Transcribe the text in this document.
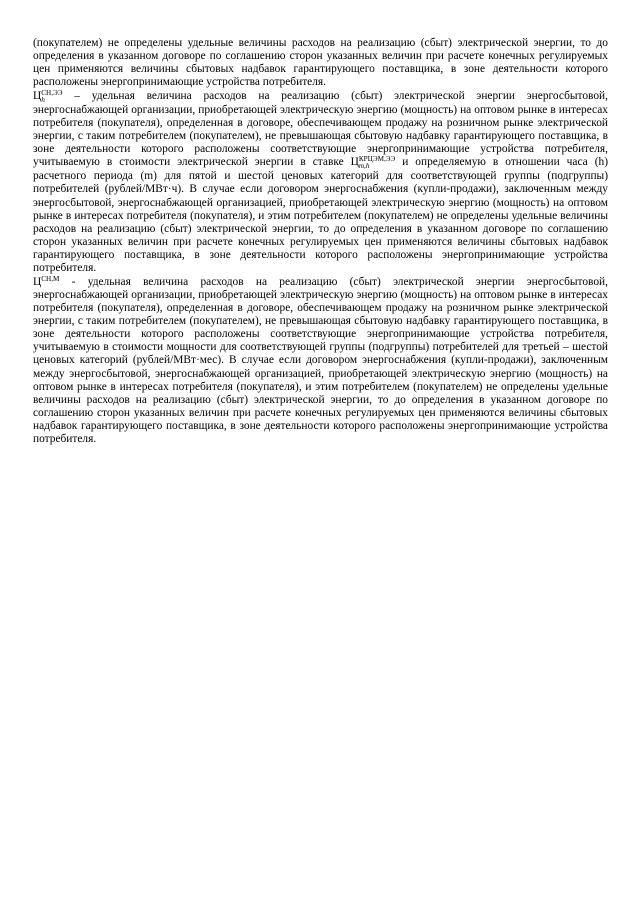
(покупателем) не определены удельные величины расходов на реализацию (сбыт) электрической энергии, то до определения в указанном договоре по соглашению сторон указанных величин при расчете конечных регулируемых цен применяются величины сбытовых надбавок гарантирующего поставщика, в зоне деятельности которого расположены энергопринимающие устройства потребителя.

Ц СН,ЭЭ
h	– удельная величина расходов на реализацию (сбыт) электрической энергии энергосбытовой, энергоснабжающей организации, приобретающей электрическую энергию (мощность) на оптовом рынке в интересах потребителя (покупателя), определенная в договоре, обеспечивающем продажу на розничном рынке электрической энергии, с таким потребителем (покупателем), не превышающая сбытовую надбавку гарантирующего поставщика, в зоне деятельности которого расположены соответствующие энергопринимающие устройства потребителя, учитываемую в стоимости электрической энергии в ставке Ц КРЦЭМ,ЭЭ
m,h	и определяемую в отношении часа (h) расчетного периода (m) для пятой и шестой ценовых категорий для соответствующей группы (подгруппы) потребителей (рублей/МВт·ч). В случае если договором энергоснабжения (купли-продажи), заключенным между энергосбытовой, энергоснабжающей организацией, приобретающей электрическую энергию (мощность) на оптовом рынке в интересах потребителя (покупателя), и этим потребителем (покупателем) не определены удельные величины расходов на реализацию (сбыт) электрической энергии, то до определения в указанном договоре по соглашению сторон указанных величин при расчете конечных регулируемых цен применяются величины сбытовых надбавок гарантирующего поставщика, в зоне деятельности которого расположены энергопринимающие устройства потребителя.

$Ц^{СН,М}$ - удельная величина расходов на реализацию (сбыт) электрической энергии энергосбытовой, энергоснабжающей организации, приобретающей электрическую энергию (мощность) на оптовом рынке в интересах потребителя (покупателя), определенная в договоре, обеспечивающем продажу на розничном рынке электрической энергии, с таким потребителем (покупателем), не превышающая сбытовую надбавку гарантирующего поставщика, в зоне деятельности которого расположены соответствующие энергопринимающие устройства потребителя, учитываемую в стоимости мощности для соответствующей группы (подгруппы) потребителей для третьей – шестой ценовых категорий (рублей/МВт·мес). В случае если договором энергоснабжения (купли-продажи), заключенным между энергосбытовой, энергоснабжающей организацией, приобретающей электрическую энергию (мощность) на оптовом рынке в интересах потребителя (покупателя), и этим потребителем (покупателем) не определены удельные величины расходов на реализацию (сбыт) электрической энергии, то до определения в указанном договоре по соглашению сторон указанных величин при расчете конечных регулируемых цен применяются величины сбытовых надбавок гарантирующего поставщика, в зоне деятельности которого расположены энергопринимающие устройства потребителя.
